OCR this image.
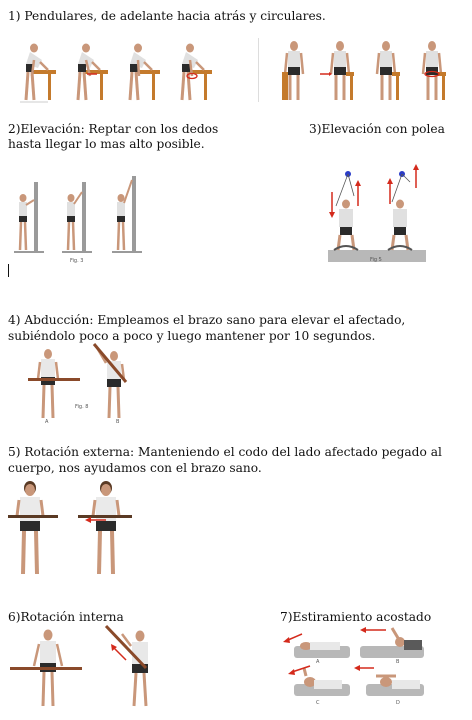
1) Pendulares, de adelante hacia atrás y circulares.
2)Elevación: Reptar con los dedos
hasta llegar lo mas alto posible.
Fig. 3
3)Elevación con polea
Fig 5
4) Abducción: Empleamos el brazo sano para elevar el afectado, subiéndolo poco a poco y luego mantener por 10 segundos.
A	B
Fig. 8
5) Rotación externa: Manteniendo el codo del lado afectado pegado al cuerpo, nos ayudamos con el brazo sano.
6)Rotación interna	7)Estiramiento acostado
A	B
C	D
